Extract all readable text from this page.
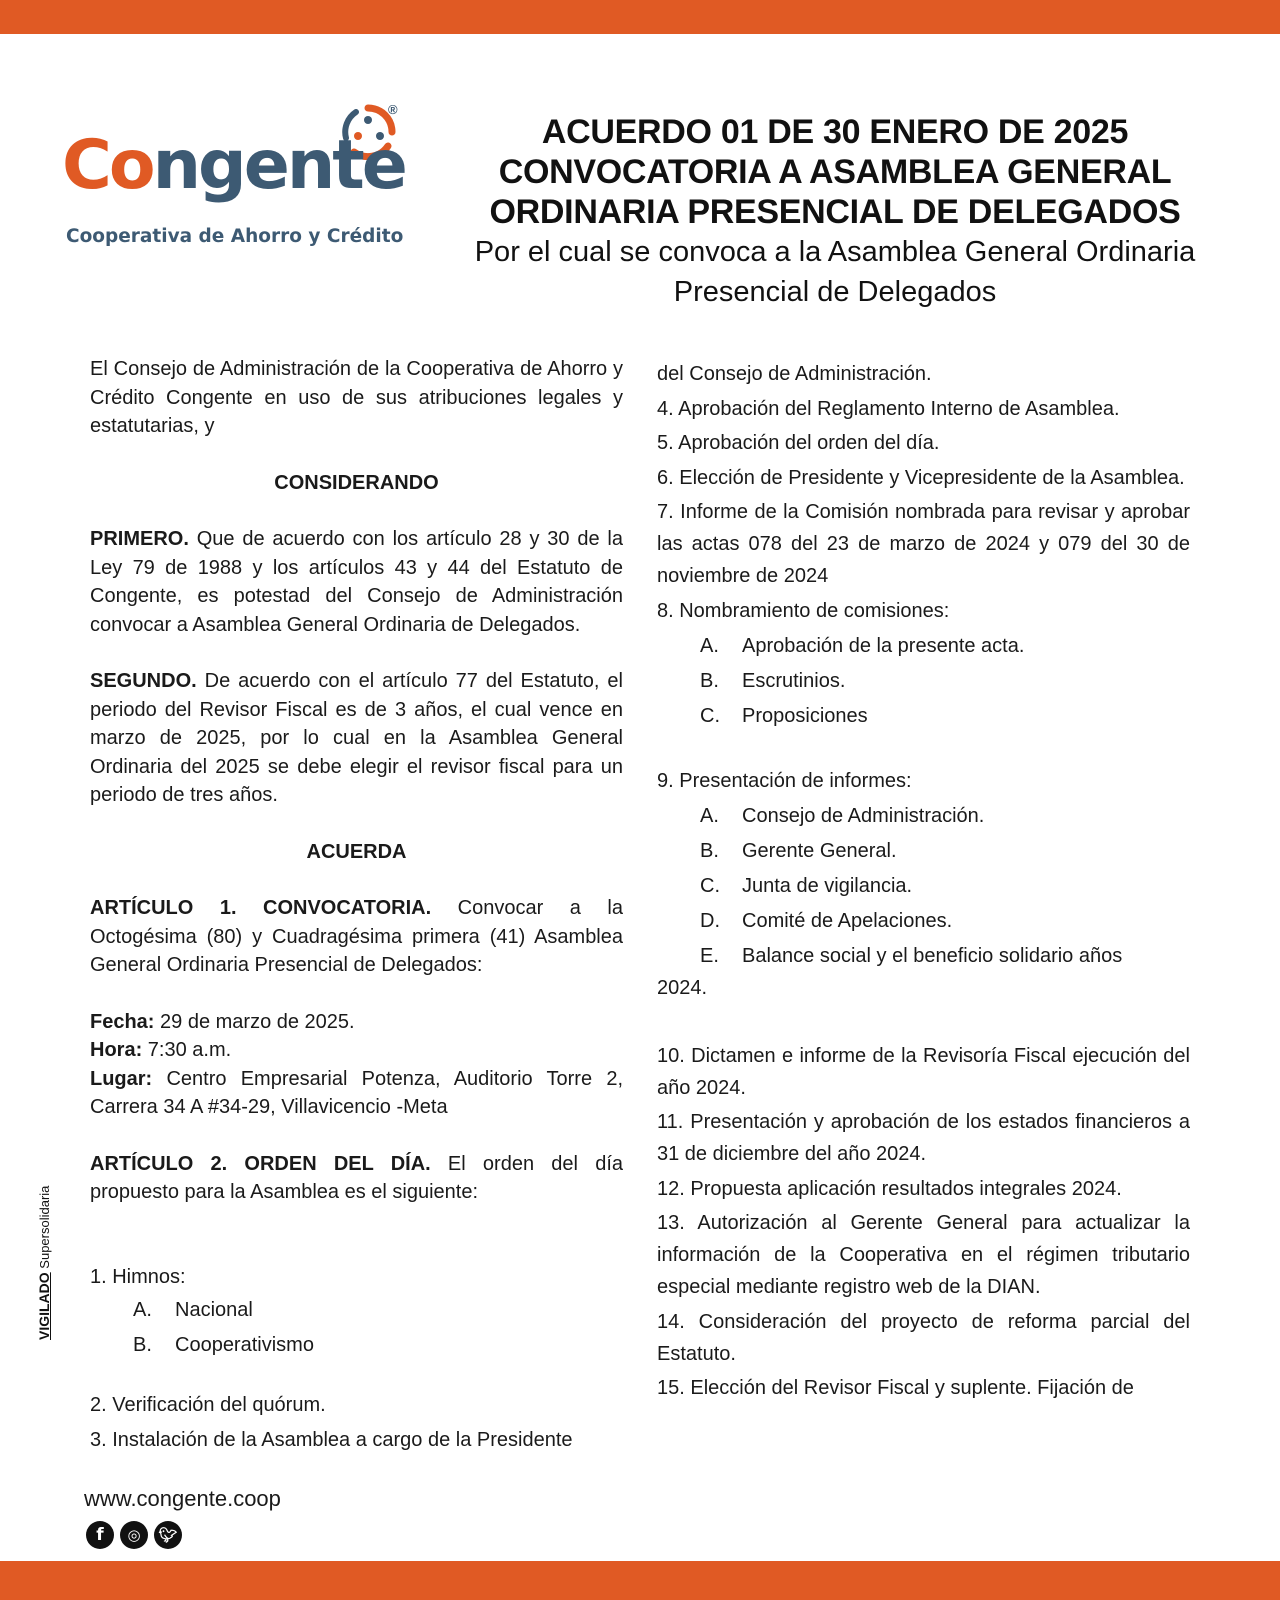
®
Congente
Cooperativa de Ahorro y Crédito
ACUERDO 01 DE 30 ENERO DE 2025
CONVOCATORIA A ASAMBLEA GENERAL
ORDINARIA PRESENCIAL DE DELEGADOS
Por el cual se convoca a la Asamblea General Ordinaria Presencial de Delegados

El Consejo de Administración de la Cooperativa de Ahorro y Crédito Congente en uso de sus atribuciones legales y estatutarias, y

CONSIDERANDO

PRIMERO. Que de acuerdo con los artículo 28 y 30 de la Ley 79 de 1988 y los artículos 43 y 44 del Estatuto de Congente, es potestad del Consejo de Administración convocar a Asamblea General Ordinaria de Delegados.

SEGUNDO. De acuerdo con el artículo 77 del Estatuto, el periodo del Revisor Fiscal es de 3 años, el cual vence en marzo de 2025, por lo cual en la Asamblea General Ordinaria del 2025 se debe elegir el revisor fiscal para un periodo de tres años.

ACUERDA

ARTÍCULO 1. CONVOCATORIA. Convocar a la Octogésima (80) y Cuadragésima primera (41) Asamblea General Ordinaria Presencial de Delegados:

Fecha: 29 de marzo de 2025.

Hora: 7:30 a.m.

Lugar: Centro Empresarial Potenza, Auditorio Torre 2, Carrera 34 A #34-29, Villavicencio -Meta

ARTÍCULO 2. ORDEN DEL DÍA. El orden del día propuesto para la Asamblea es el siguiente:

1. Himnos:

A.	Nacional
B.	Cooperativismo

2. Verificación del quórum.

3. Instalación de la Asamblea a cargo de la Presidente

del Consejo de Administración.

4. Aprobación del Reglamento Interno de Asamblea.

5. Aprobación del orden del día.

6. Elección de Presidente y Vicepresidente de la Asamblea.

7. Informe de la Comisión nombrada para revisar y aprobar las actas 078 del 23 de marzo de 2024 y 079 del 30 de noviembre de 2024

8. Nombramiento de comisiones:

A.	Aprobación de la presente acta.
B.	Escrutinios.
C.	Proposiciones

9. Presentación de informes:

A.	Consejo de Administración.
B.	Gerente General.
C.	Junta de vigilancia.
D.	Comité de Apelaciones.
E.	Balance social y el beneficio solidario años

2024.

10. Dictamen e informe de la Revisoría Fiscal ejecución del año 2024.

11. Presentación y aprobación de los estados financieros a 31 de diciembre del año 2024.

12. Propuesta aplicación resultados integrales 2024.

13. Autorización al Gerente General para actualizar la información de la Cooperativa en el régimen tributario especial mediante registro web de la DIAN.

14. Consideración del proyecto de reforma parcial del Estatuto.

15. Elección del Revisor Fiscal y suplente. Fijación de

VIGILADO Supersolidaria
www.congente.coop
f	◎	🐦︎
